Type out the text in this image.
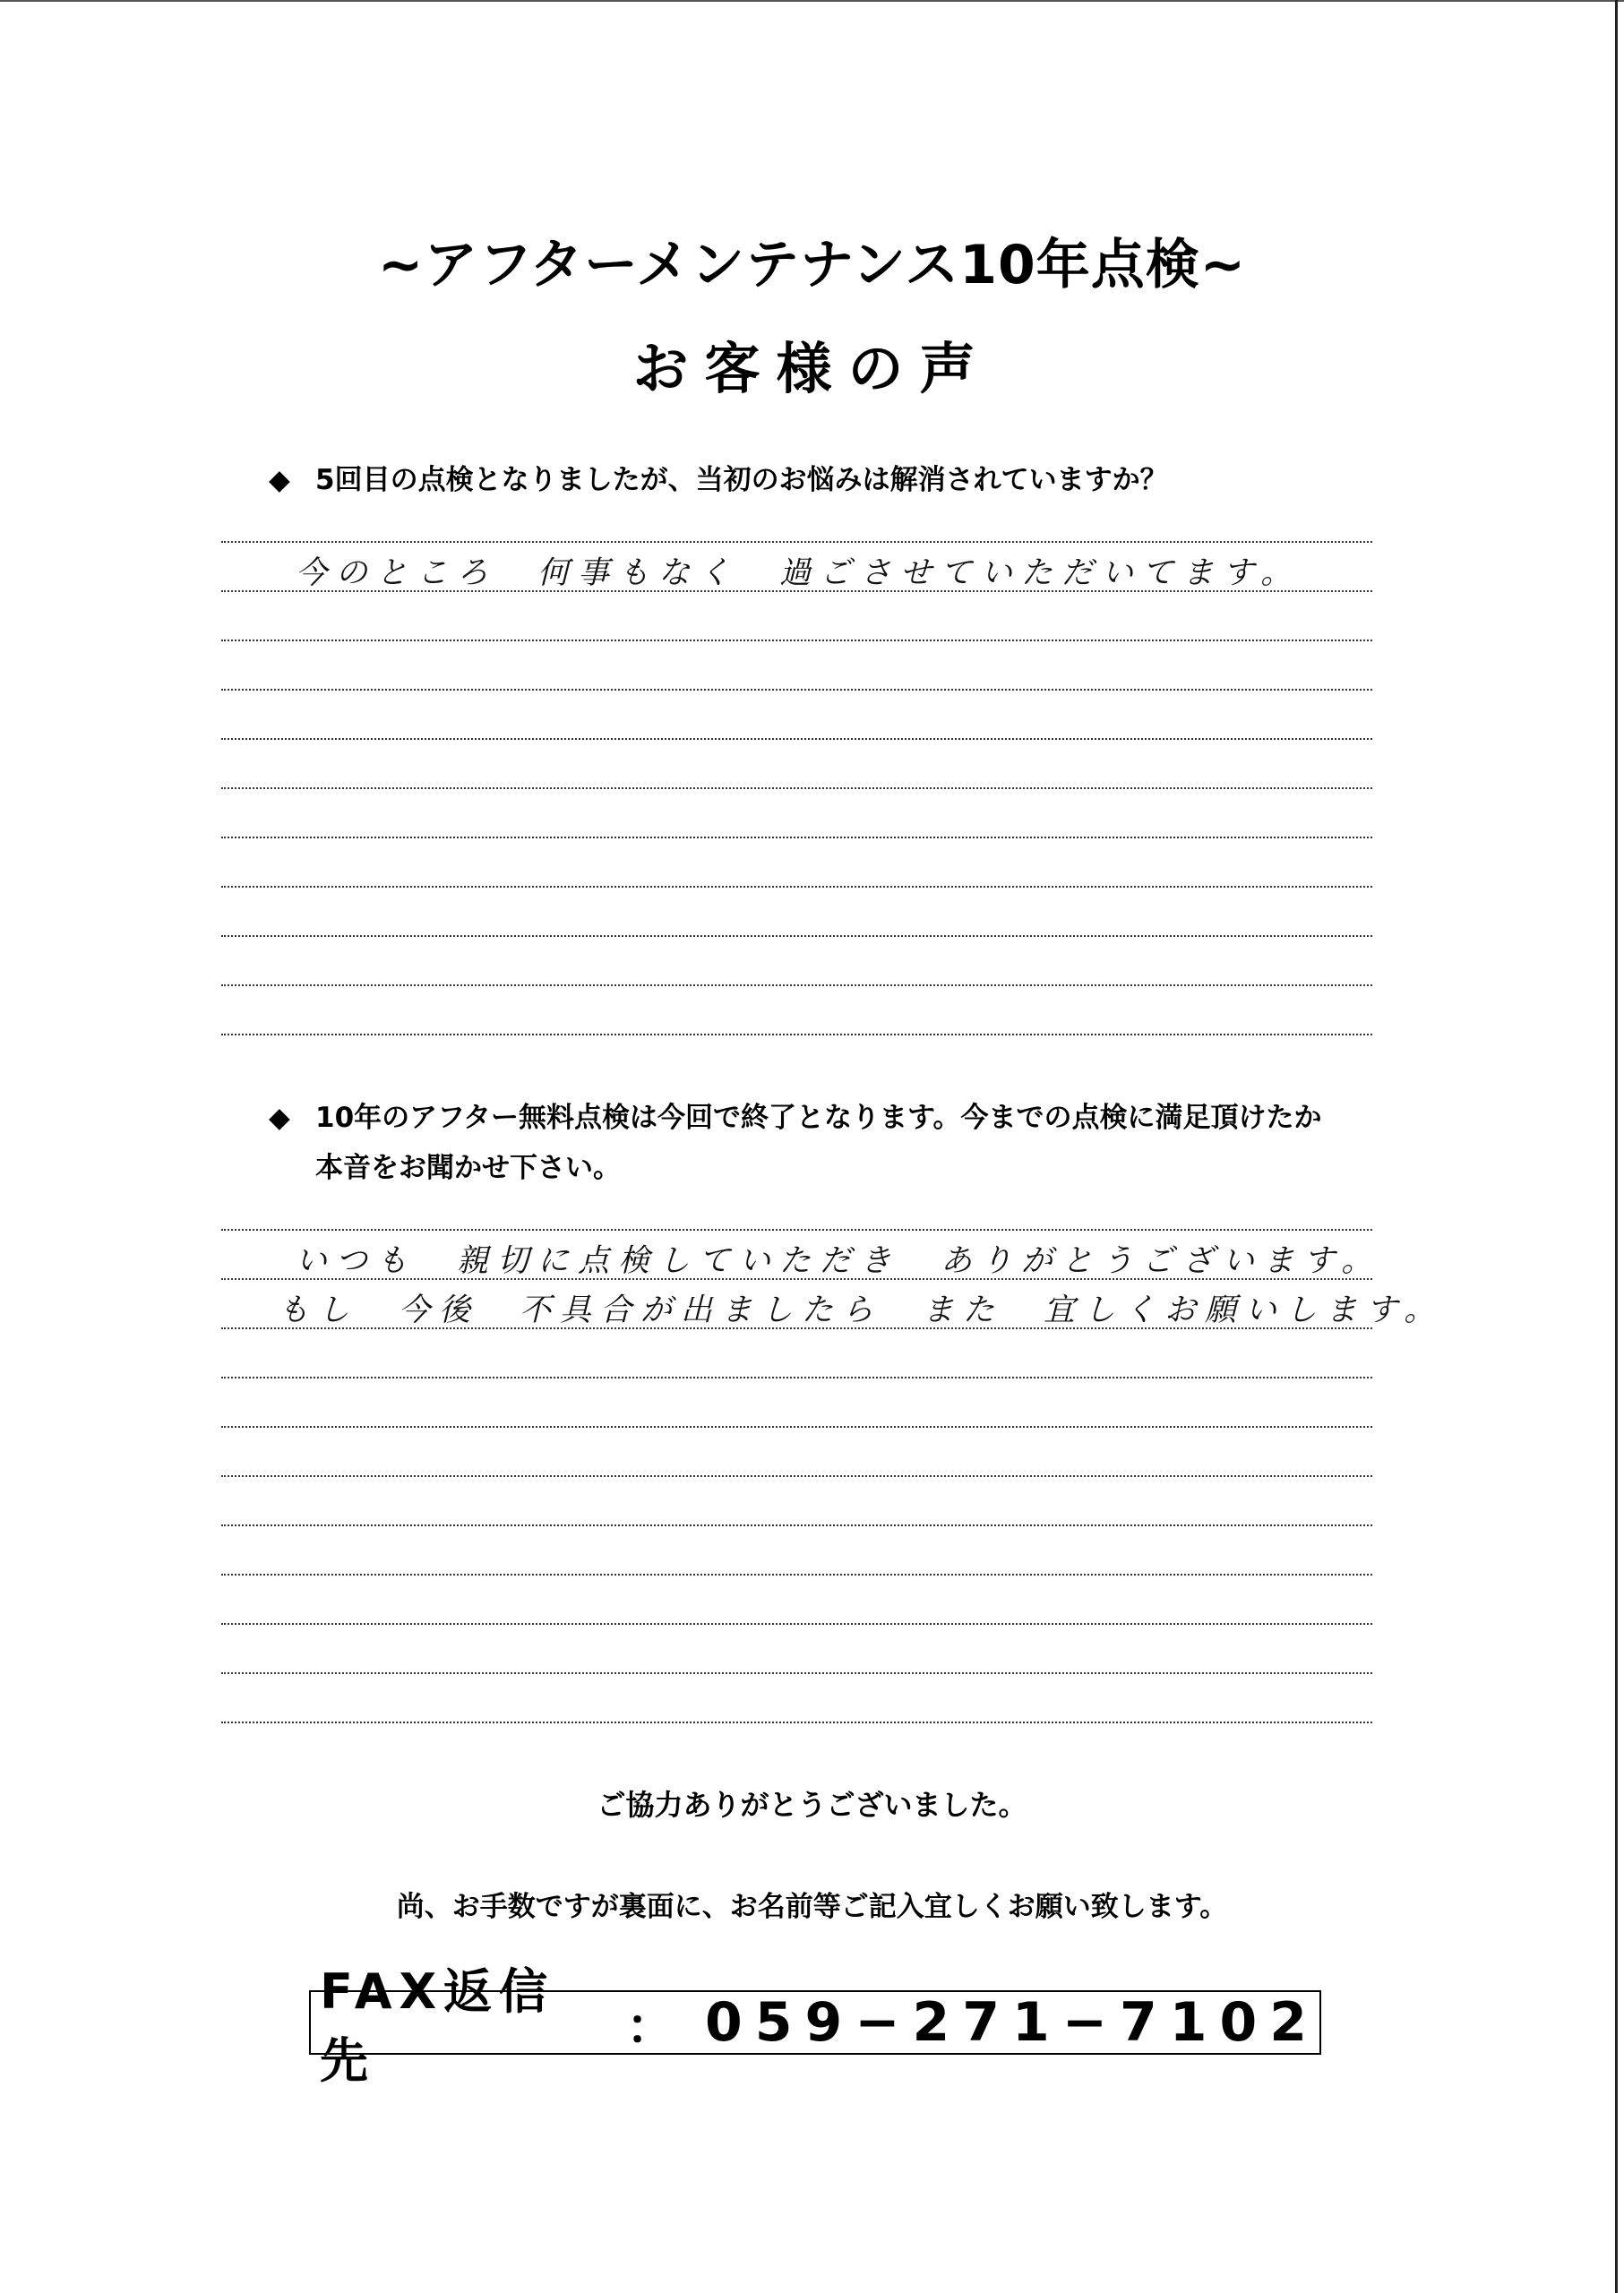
~アフターメンテナンス10年点検~
お客様の声
◆ 5回目の点検となりましたが、当初のお悩みは解消されていますか？
今のところ　何事もなく　過ごさせていただいてます。
◆ 10年のアフター無料点検は今回で終了となります。今までの点検に満足頂けたか
本音をお聞かせ下さい。
いつも　親切に点検していただき　ありがとうございます。
もし　今後　不具合が出ましたら　また　宜しくお願いします。
ご協力ありがとうございました。
尚、お手数ですが裏面に、お名前等ご記入宜しくお願い致します。
FAX返信先
： 059−271−7102
